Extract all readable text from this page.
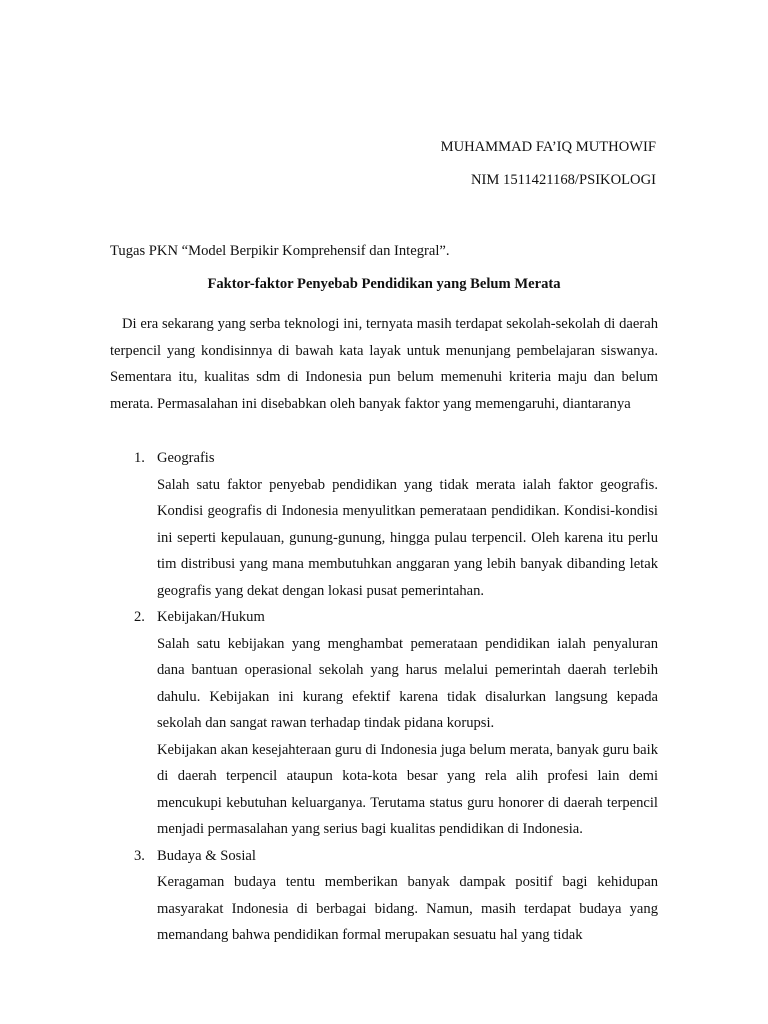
MUHAMMAD FA’IQ MUTHOWIF
NIM 1511421168/PSIKOLOGI
Tugas PKN “Model Berpikir Komprehensif dan Integral”.
Faktor-faktor Penyebab Pendidikan yang Belum Merata

Di era sekarang yang serba teknologi ini, ternyata masih terdapat sekolah-sekolah di daerah terpencil yang kondisinnya di bawah kata layak untuk menunjang pembelajaran siswanya. Sementara itu, kualitas sdm di Indonesia pun belum memenuhi kriteria maju dan belum merata. Permasalahan ini disebabkan oleh banyak faktor yang memengaruhi, diantaranya

1. Geografis

Salah satu faktor penyebab pendidikan yang tidak merata ialah faktor geografis. Kondisi geografis di Indonesia menyulitkan pemerataan pendidikan. Kondisi-kondisi ini seperti kepulauan, gunung-gunung, hingga pulau terpencil. Oleh karena itu perlu tim distribusi yang mana membutuhkan anggaran yang lebih banyak dibanding letak geografis yang dekat dengan lokasi pusat pemerintahan.

2. Kebijakan/Hukum

Salah satu kebijakan yang menghambat pemerataan pendidikan ialah penyaluran dana bantuan operasional sekolah yang harus melalui pemerintah daerah terlebih dahulu. Kebijakan ini kurang efektif karena tidak disalurkan langsung kepada sekolah dan sangat rawan terhadap tindak pidana korupsi.

Kebijakan akan kesejahteraan guru di Indonesia juga belum merata, banyak guru baik di daerah terpencil ataupun kota-kota besar yang rela alih profesi lain demi mencukupi kebutuhan keluarganya. Terutama status guru honorer di daerah terpencil menjadi permasalahan yang serius bagi kualitas pendidikan di Indonesia.

3. Budaya & Sosial

Keragaman budaya tentu memberikan banyak dampak positif bagi kehidupan masyarakat Indonesia di berbagai bidang. Namun, masih terdapat budaya yang memandang bahwa pendidikan formal merupakan sesuatu hal yang tidak
